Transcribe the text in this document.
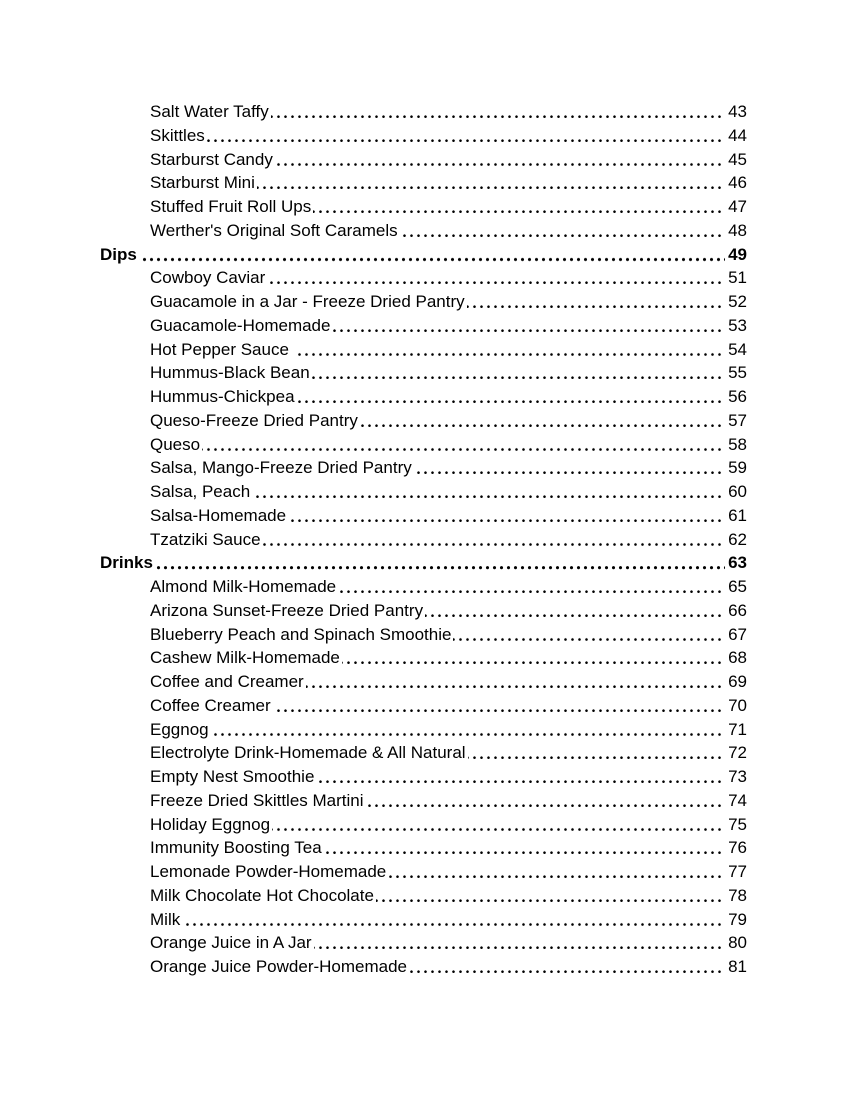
Salt Water Taffy	43
Skittles	44
Starburst Candy	45
Starburst Mini	46
Stuffed Fruit Roll Ups	47
Werther's Original Soft Caramels	48
Dips	49
Cowboy Caviar	51
Guacamole in a Jar - Freeze Dried Pantry	52
Guacamole-Homemade	53
Hot Pepper Sauce	54
Hummus-Black Bean	55
Hummus-Chickpea	56
Queso-Freeze Dried Pantry	57
Queso	58
Salsa, Mango-Freeze Dried Pantry	59
Salsa, Peach	60
Salsa-Homemade	61
Tzatziki Sauce	62
Drinks	63
Almond Milk-Homemade	65
Arizona Sunset-Freeze Dried Pantry	66
Blueberry Peach and Spinach Smoothie	67
Cashew Milk-Homemade	68
Coffee and Creamer	69
Coffee Creamer	70
Eggnog	71
Electrolyte Drink-Homemade & All Natural	72
Empty Nest Smoothie	73
Freeze Dried Skittles Martini	74
Holiday Eggnog	75
Immunity Boosting Tea	76
Lemonade Powder-Homemade	77
Milk Chocolate Hot Chocolate	78
Milk	79
Orange Juice in A Jar	80
Orange Juice Powder-Homemade	81
